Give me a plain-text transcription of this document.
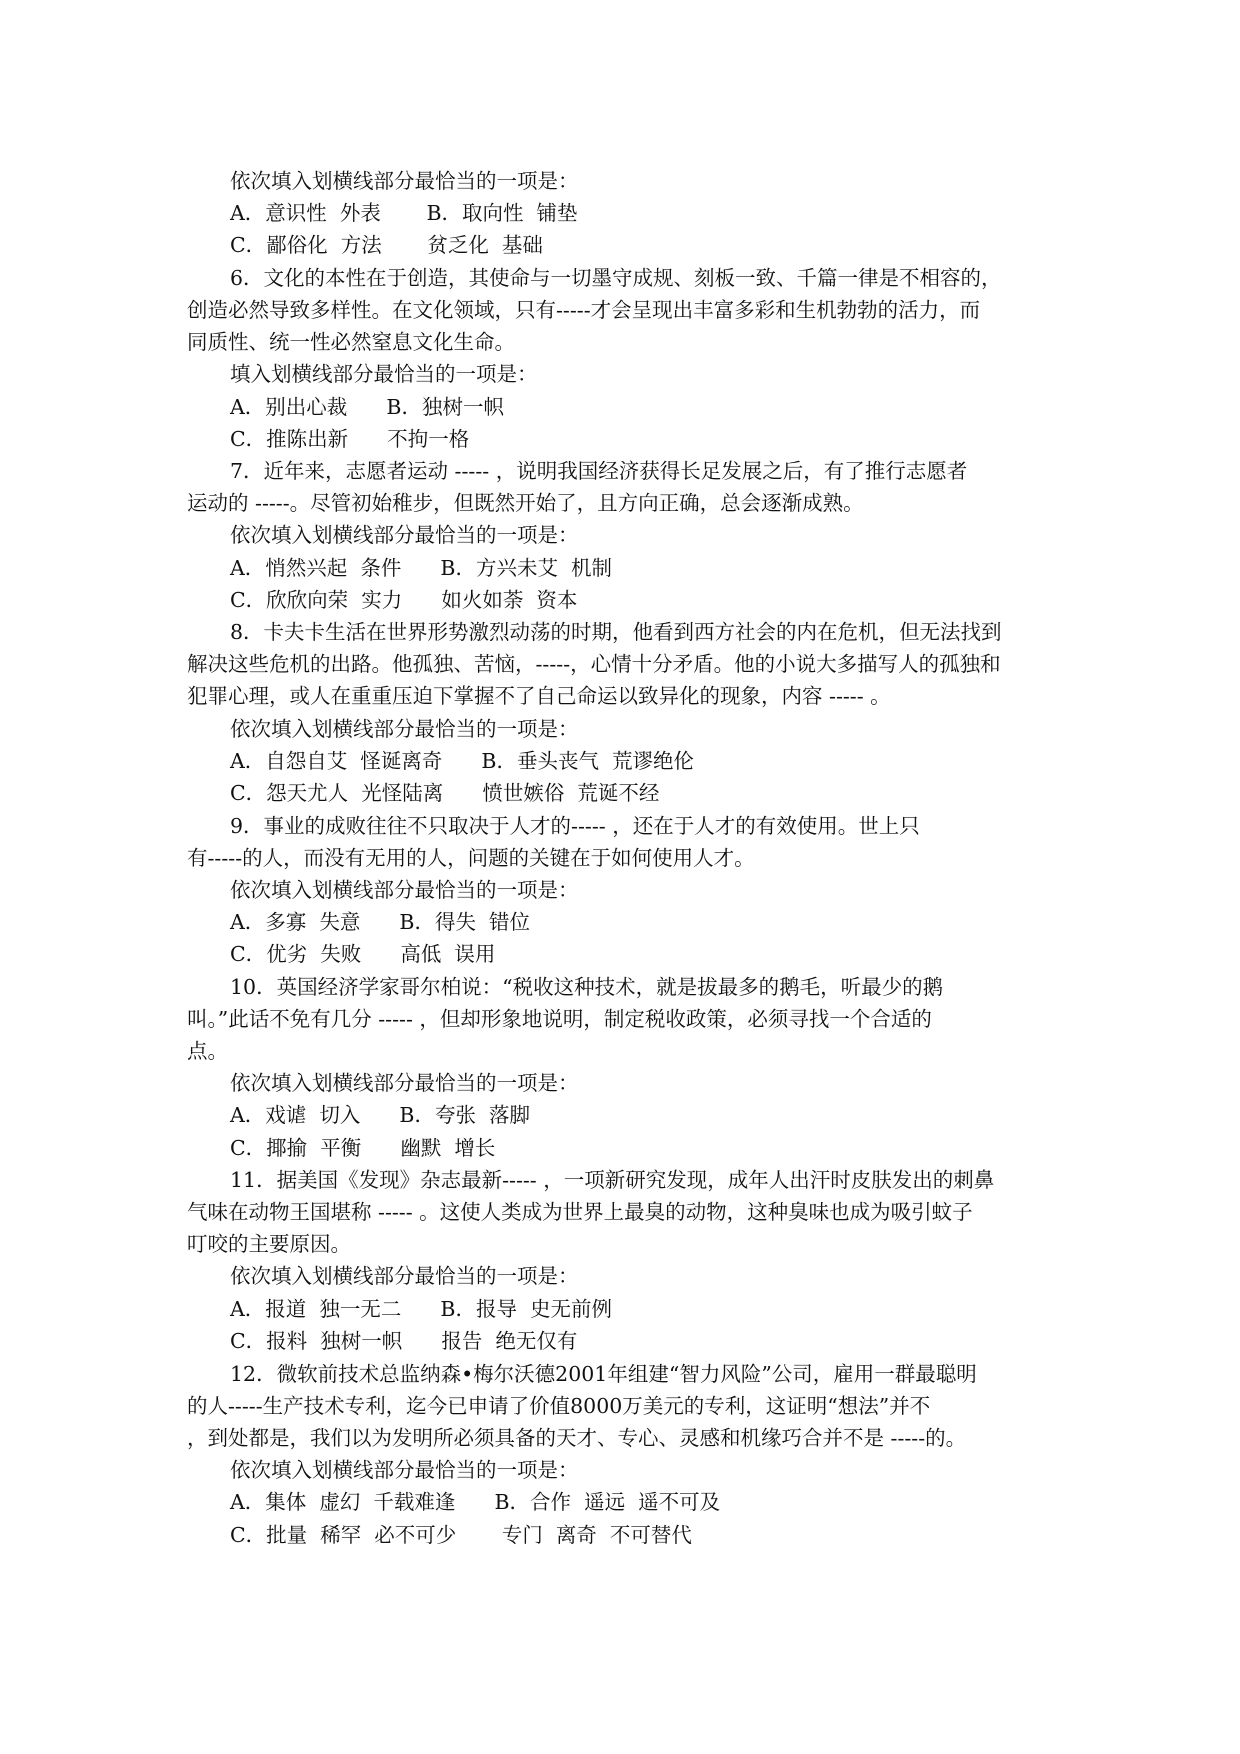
依次填入划横线部分最恰当的一项是：
A．意识性  外表       B．取向性  铺垫
C．鄙俗化  方法       贫乏化  基础
6．文化的本性在于创造，其使命与一切墨守成规、刻板一致、千篇一律是不相容的，
创造必然导致多样性。在文化领域，只有-----才会呈现出丰富多彩和生机勃勃的活力，而
同质性、统一性必然窒息文化生命。
填入划横线部分最恰当的一项是：
A．别出心裁      B．独树一帜
C．推陈出新      不拘一格
7．近年来，志愿者运动 ----- ，说明我国经济获得长足发展之后，有了推行志愿者
运动的 -----。尽管初始稚步，但既然开始了，且方向正确，总会逐渐成熟。
依次填入划横线部分最恰当的一项是：
A．悄然兴起  条件      B．方兴未艾  机制
C．欣欣向荣  实力      如火如荼  资本
8．卡夫卡生活在世界形势激烈动荡的时期，他看到西方社会的内在危机，但无法找到
解决这些危机的出路。他孤独、苦恼，-----，心情十分矛盾。他的小说大多描写人的孤独和
犯罪心理，或人在重重压迫下掌握不了自己命运以致异化的现象，内容 ----- 。
依次填入划横线部分最恰当的一项是：
A．自怨自艾  怪诞离奇      B．垂头丧气  荒谬绝伦
C．怨天尤人  光怪陆离      愤世嫉俗  荒诞不经
9．事业的成败往往不只取决于人才的----- ，还在于人才的有效使用。世上只
有-----的人，而没有无用的人，问题的关键在于如何使用人才。
依次填入划横线部分最恰当的一项是：
A．多寡  失意      B．得失  错位
C．优劣  失败      高低  误用
10．英国经济学家哥尔柏说：“税收这种技术，就是拔最多的鹅毛，听最少的鹅
叫。”此话不免有几分 ----- ，但却形象地说明，制定税收政策，必须寻找一个合适的
点。
依次填入划横线部分最恰当的一项是：
A．戏谑  切入      B．夸张  落脚
C．揶揄  平衡      幽默  增长
11．据美国《发现》杂志最新----- ，一项新研究发现，成年人出汗时皮肤发出的刺鼻
气味在动物王国堪称 ----- 。这使人类成为世界上最臭的动物，这种臭味也成为吸引蚊子
叮咬的主要原因。
依次填入划横线部分最恰当的一项是：
A．报道  独一无二      B．报导  史无前例
C．报料  独树一帜      报告  绝无仅有
12．微软前技术总监纳森•梅尔沃德2001年组建“智力风险”公司，雇用一群最聪明
的人-----生产技术专利，迄今已申请了价值8000万美元的专利，这证明“想法”并不
，到处都是，我们以为发明所必须具备的天才、专心、灵感和机缘巧合并不是 -----的。
依次填入划横线部分最恰当的一项是：
A．集体  虚幻  千载难逢      B．合作  遥远  遥不可及
C．批量  稀罕  必不可少       专门  离奇  不可替代
